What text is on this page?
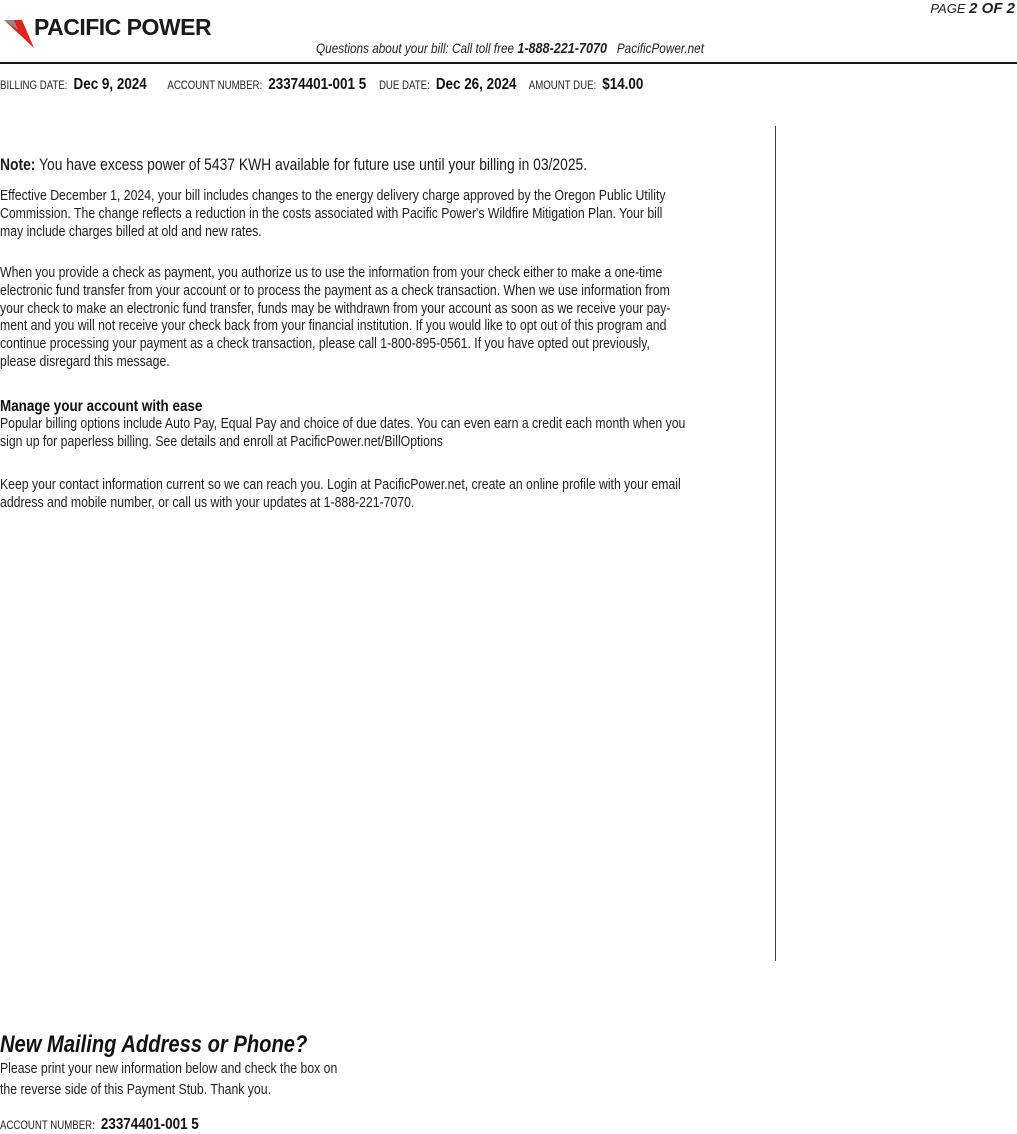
PAGE 2 OF 2
PACIFIC POWER
Questions about your bill: Call toll free 1-888-221-7070 PacificPower.net
BILLING DATE: Dec 9, 2024 ACCOUNT NUMBER: 23374401-001 5 DUE DATE: Dec 26, 2024 AMOUNT DUE: $14.00
Note: You have excess power of 5437 KWH available for future use until your billing in 03/2025.

Effective December 1, 2024, your bill includes changes to the energy delivery charge approved by the Oregon Public Utility

Commission. The change reflects a reduction in the costs associated with Pacific Power's Wildfire Mitigation Plan. Your bill

may include charges billed at old and new rates.

When you provide a check as payment, you authorize us to use the information from your check either to make a one-time

electronic fund transfer from your account or to process the payment as a check transaction. When we use information from

your check to make an electronic fund transfer, funds may be withdrawn from your account as soon as we receive your pay-

ment and you will not receive your check back from your financial institution. If you would like to opt out of this program and

continue processing your payment as a check transaction, please call 1-800-895-0561. If you have opted out previously,

please disregard this message.

Manage your account with ease

Popular billing options include Auto Pay, Equal Pay and choice of due dates. You can even earn a credit each month when you

sign up for paperless billing. See details and enroll at PacificPower.net/BillOptions

Keep your contact information current so we can reach you. Login at PacificPower.net, create an online profile with your email

address and mobile number, or call us with your updates at 1-888-221-7070.

New Mailing Address or Phone?

Please print your new information below and check the box on

the reverse side of this Payment Stub. Thank you.

ACCOUNT NUMBER: 23374401-001 5
